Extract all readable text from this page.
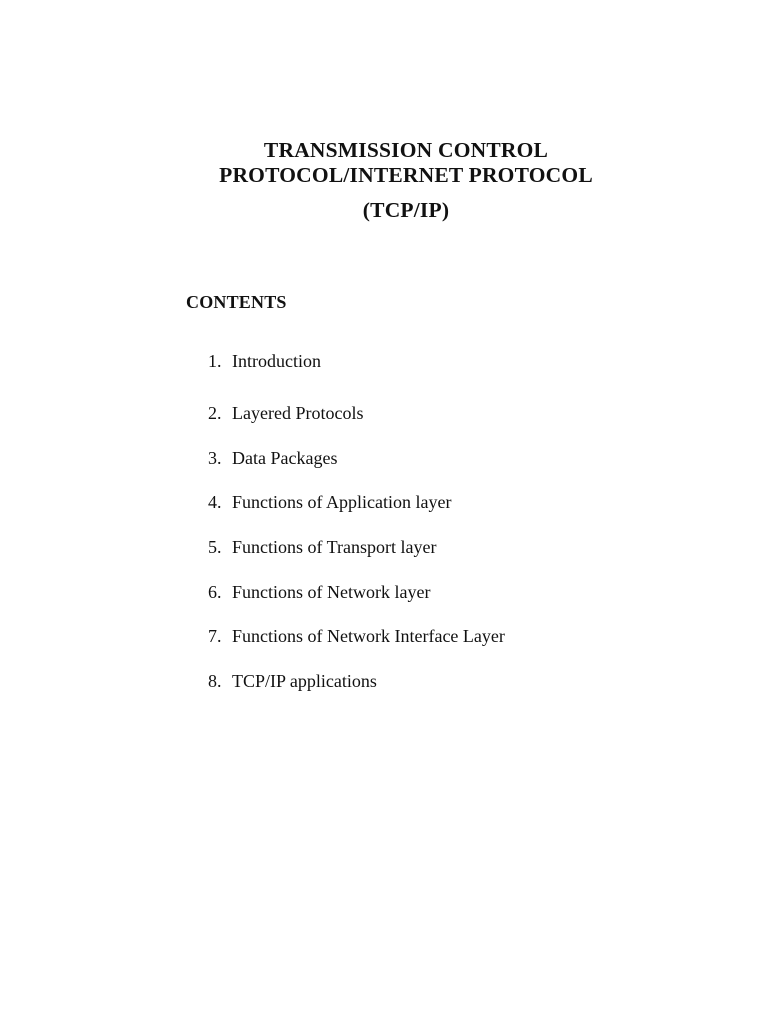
TRANSMISSION CONTROL
PROTOCOL/INTERNET PROTOCOL
(TCP/IP)
CONTENTS
1. Introduction
2. Layered Protocols
3. Data Packages
4. Functions of Application layer
5. Functions of Transport layer
6. Functions of Network layer
7. Functions of Network Interface Layer
8. TCP/IP applications
